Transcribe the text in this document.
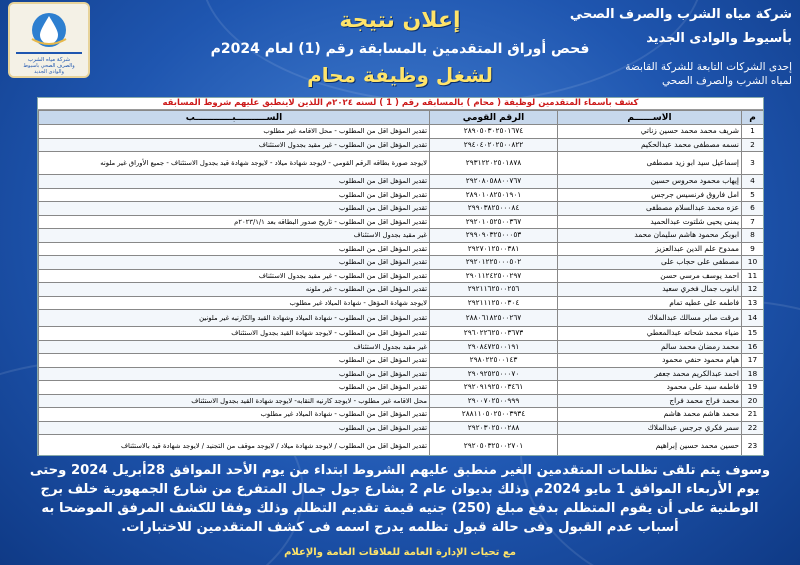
شركة مياه الشرب
والصرف الصحي باسيوط
والوادى الجديد
إعلان نتيجة
فحص أوراق المتقدمين بالمسابقة رقم (1) لعام 2024م
لشغل وظيفة محام
شركة مياه الشرب والصرف الصحي
بأسيوط والوادى الجديد
إحدى الشركات التابعة للشركة القابضة
لمياه الشرب والصرف الصحي
كشف بأسماء المتقدمين لوظيفة ( محام ) بالمسابقه رقم ( 1 ) لسنه ٢٠٢٤م اللذين لاينطبق عليهم شروط المسابقه
م	الاســــــم	الرقم القومي	الســــــــــبــــــــــــب
1	شريف محمد محمد حسين زناتي	٢٨٩٠٥٠٣٠٢٥٠١٦٧٤	تقدير المؤهل اقل من المطلوب - محل الاقامه غير مطلوب
2	نسمه مصطفى محمد عبدالحكيم	٢٩٤٠٤٠٢٠٢٥٠٠٨٢٢	تقدير المؤهل اقل من المطلوب - غير مقيد بجدول الاستئناف
3	إسماعيل سيد ابو زيد مصطفى	٢٩٣١٢٢٠٢٥٠١٨٧٨	لايوجد صورة بطاقه الرقم القومي - لايوجد شهادة ميلاد - لايوجد شهادة قيد بجدول الاستئناف - جميع الأوراق غير ملونه
4	إيهاب محمود محروس حسين	٢٩٢٠٨٠٥٨٨٠٠٧٦٧	تقدير المؤهل اقل من المطلوب
5	امل فاروق فرنسيس جرجس	٢٨٩٠١٠٨٢٥٠١٩٠١	تقدير المؤهل اقل من المطلوب
6	عزه محمد عبدالسلام مصطفى	٢٩٩٠٣٨٢٥٠٠٠٨٤	تقدير المؤهل اقل من المطلوب
7	يمنى يحيى شلتوت عبدالحميد	٢٩٢٠١٠٥٢٥٠٠٣٦٧	تقدير المؤهل اقل من المطلوب - تاريخ صدور البطاقه بعد ٢٠٢٣/١/١م
8	ابوبكر محمود هاشم سليمان محمد	٢٩٩٠٩٠٣٢٥٠٠٠٥٣	غير مقيد بجدول الاستئناف
9	ممدوح علم الدين عبدالعزيز	٢٩٢٧٠١٢٥٠٠٣٨١	تقدير المؤهل اقل من المطلوب
10	مصطفى على حجاب على	٢٩٢٠١٢٢٥٠٠٠٥٠٢	تقدير المؤهل اقل من المطلوب
11	احمد يوسف مرسي حسن	٢٩٠١١٢٤٢٥٠٠٢٩٧	تقدير المؤهل اقل من المطلوب - غير مقيد بجدول الاستئناف
12	ابانوب جمال فخري سعيد	٢٩٢١١٦٢٥٠٠٢٥٦	تقدير المؤهل اقل من المطلوب - غير ملونه
13	فاطمه على عطيه تمام	٢٩٢١١١٢٥٠٠٣٠٤	لايوجد شهادة المؤهل - شهادة الميلاد غير مطلوب
14	مرقت صابر مسالك عبدالملاك	٢٨٨٠٦١٨٢٥٠٠٢٦٧	تقدير المؤهل اقل من المطلوب - شهادة الميلاد وشهادة القيد والكارنيه غير ملونين
15	ضياء محمد شحاته عبدالمعطي	٢٩٦٠٢٢٦٢٥٠٠٣٦٧٣	تقدير المؤهل اقل من المطلوب - لايوجد شهادة القيد بجدول الاستئناف
16	محمد رمضان محمد سالم	٢٩٠٨٤٧٢٥٠٠١٩١	غير مقيد بجدول الاستئناف
17	هيام محمود حنفي محمود	٢٩٨٠٢٢٥٠٠١٤٣	تقدير المؤهل اقل من المطلوب
18	احمد عبدالكريم محمد جعفر	٢٩٠٩٢٥٢٥٠٠٠٧٠	تقدير المؤهل اقل من المطلوب
19	فاطمه سيد على محمود	٢٩٢٠٩١٩٢٥٠٠٣٤٦١	تقدير المؤهل اقل من المطلوب
20	محمد فراج محمد فراج	٢٩٠٠٧٠٢٥٠٠٩٩٩	محل الاقامه غير مطلوب - لايوجد كارنيه النقابه- لايوجد شهادة القيد بجدول الاستئناف
21	محمد هاشم محمد هاشم	٢٨٨١١٠٥٠٢٥٠٠٣٩٣٤	تقدير المؤهل اقل من المطلوب - شهادة الميلاد غير مطلوب
22	سمر فكري جرجس عبدالملاك	٢٩٢٠٣٠٢٥٠٠٢٨٨	تقدير المؤهل اقل من المطلوب
23	حسين محمد حسين إبراهيم	٢٩٢٠٥٠٣٢٥٠٠٢٧٠١	تقدير المؤهل اقل من المطلوب / لايوجد شهادة ميلاد / لايوجد موقف من التجنيد / لايوجد شهادة قيد بالاستئناف

وسوف يتم تلقى تظلمات المتقدمين الغير منطبق عليهم الشروط ابتداء من يوم الأحد الموافق 28أبريل 2024 وحتى يوم الأربعاء الموافق 1 مايو 2024م وذلك بديوان عام 2 بشارع جول جمال المتفرع من شارع الجمهورية خلف برج الوطنية على أن يقوم المتظلم بدفع مبلغ (250) جنيه قيمة تقديم التظلم وذلك وفقا للكشف المرفق الموضحا به أسباب عدم القبول وفى حالة قبول تظلمه يدرج اسمه فى كشف المتقدمين للاختبارات.
مع تحيات الإدارة العامة للعلاقات العامة والإعلام
